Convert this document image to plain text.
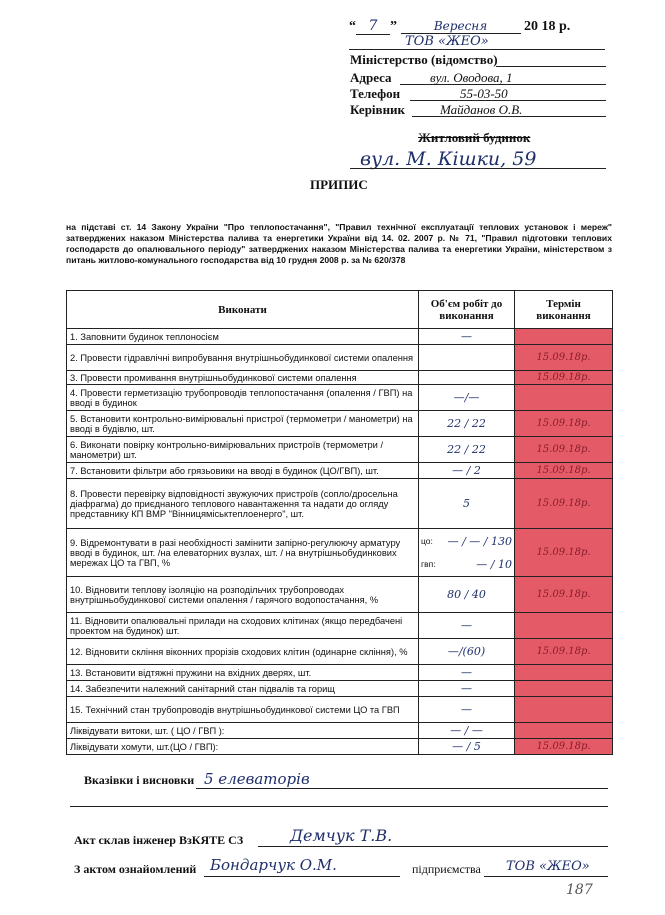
“ 7 ”	Вересня	20 18 р.
ТОВ «ЖЕО»
Міністерство (відомство)
Адреса	вул. Оводова, 1
Телефон	55-03-50
Керівник	Майданов О.В.
Житловий будинок
вул. М. Кішки, 59
ПРИПИС
на підставі ст. 14 Закону України "Про теплопостачання", "Правил технічної експлуатації теплових установок і мереж" затверджених наказом Міністерства палива та енергетики України від 14. 02. 2007 р. № 71, "Правил підготовки теплових господарств до опалювального періоду" затверджених наказом Міністерства палива та енергетики України, міністерством з питань житлово-комунального господарства від 10 грудня 2008 р. за № 620/378
Виконати	Об'єм робіт до виконання	Термін виконання
1. Заповнити будинок теплоносієм	—	
2. Провести гідравлічні випробування внутрішньобудинкової системи опалення		15.09.18р.
3. Провести промивання внутрішньобудинкової системи опалення		15.09.18р.
4. Провести герметизацію трубопроводів теплопостачання (опалення / ГВП) на вводі в будинок	—/—	
5. Встановити контрольно-вимірювальні пристрої (термометри / манометри) на вводі в будівлю, шт.	22 / 22	15.09.18р.
6. Виконати повірку контрольно-вимірювальних пристроїв (термометри / манометри) шт.	22 / 22	15.09.18р.
7. Встановити фільтри або грязьовики на вводі в будинок (ЦО/ГВП), шт.	— / 2	15.09.18р.
8. Провести перевірку відповідності звужуючих пристроїв (сопло/дросельна діафрагма) до приєднаного теплового навантаження та надати до огляду представнику КП ВМР "Вінницяміськтеплоенерго", шт.	5	15.09.18р.
9. Відремонтувати в разі необхідності замінити запірно-регулюючу арматуру вводі в будинок, шт. /на елеваторних вузлах, шт. / на внутрішньобудинкових мережах ЦО та ГВП, %	цо: — / — / 130
гвп: — / 10	15.09.18р.
10. Відновити теплову ізоляцію на розподільчих трубопроводах внутрішньобудинкової системи опалення / гарячого водопостачання, %	80 / 40	15.09.18р.
11. Відновити опалювальні прилади на сходових клітинах (якщо передбачені проектом на будинок) шт.	—	
12. Відновити скління віконних прорізів сходових клітин (одинарне скління), %	—/(60)	15.09.18р.
13. Встановити відтяжні пружини на вхідних дверях, шт.	—	
14. Забезпечити належний санітарний стан підвалів та горищ	—	
15. Технічний стан трубопроводів внутрішньобудинкової системи ЦО та ГВП	—	
Ліквідувати витоки, шт. ( ЦО / ГВП ):	— / —	
Ліквідувати хомути, шт.(ЦО / ГВП):	— / 5	15.09.18р.
Вказівки і висновки 5 елеваторів
Акт склав інженер ВзКЯТЕ СЗ	Демчук Т.В.
З актом ознайомлений Бондарчук О.М.	підприємства ТОВ «ЖЕО»
187
